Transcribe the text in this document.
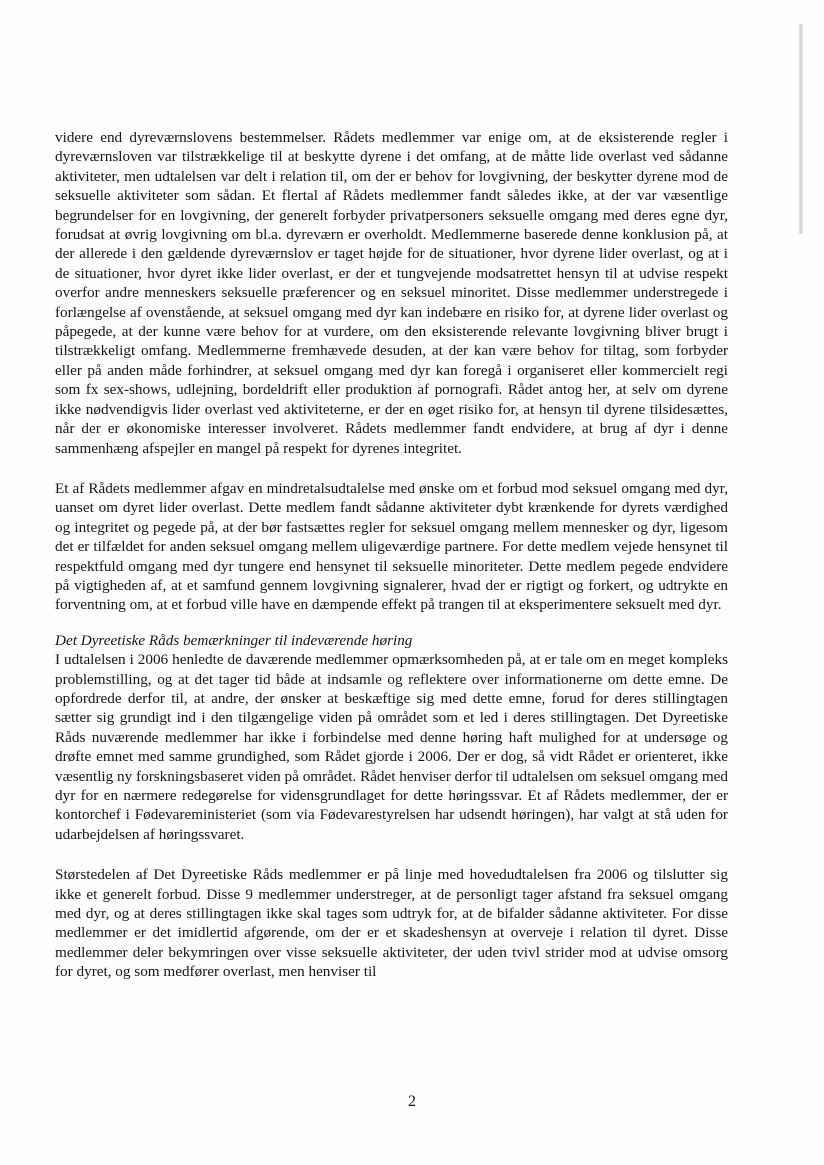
videre end dyreværnslovens bestemmelser. Rådets medlemmer var enige om, at de eksisterende regler i dyreværnsloven var tilstrækkelige til at beskytte dyrene i det omfang, at de måtte lide overlast ved sådanne aktiviteter, men udtalelsen var delt i relation til, om der er behov for lovgivning, der beskytter dyrene mod de seksuelle aktiviteter som sådan. Et flertal af Rådets medlemmer fandt således ikke, at der var væsentlige begrundelser for en lovgivning, der generelt forbyder privatpersoners seksuelle omgang med deres egne dyr, forudsat at øvrig lovgivning om bl.a. dyreværn er overholdt. Medlemmerne baserede denne konklusion på, at der allerede i den gældende dyreværnslov er taget højde for de situationer, hvor dyrene lider overlast, og at i de situationer, hvor dyret ikke lider overlast, er der et tungvejende modsatrettet hensyn til at udvise respekt overfor andre menneskers seksuelle præferencer og en seksuel minoritet. Disse medlemmer understregede i forlængelse af ovenstående, at seksuel omgang med dyr kan indebære en risiko for, at dyrene lider overlast og påpegede, at der kunne være behov for at vurdere, om den eksisterende relevante lovgivning bliver brugt i tilstrækkeligt omfang. Medlemmerne fremhævede desuden, at der kan være behov for tiltag, som forbyder eller på anden måde forhindrer, at seksuel omgang med dyr kan foregå i organiseret eller kommercielt regi som fx sex-shows, udlejning, bordeldrift eller produktion af pornografi. Rådet antog her, at selv om dyrene ikke nødvendigvis lider overlast ved aktiviteterne, er der en øget risiko for, at hensyn til dyrene tilsidesættes, når der er økonomiske interesser involveret. Rådets medlemmer fandt endvidere, at brug af dyr i denne sammenhæng afspejler en mangel på respekt for dyrenes integritet.

Et af Rådets medlemmer afgav en mindretalsudtalelse med ønske om et forbud mod seksuel omgang med dyr, uanset om dyret lider overlast. Dette medlem fandt sådanne aktiviteter dybt krænkende for dyrets værdighed og integritet og pegede på, at der bør fastsættes regler for seksuel omgang mellem mennesker og dyr, ligesom det er tilfældet for anden seksuel omgang mellem uligeværdige partnere. For dette medlem vejede hensynet til respektfuld omgang med dyr tungere end hensynet til seksuelle minoriteter. Dette medlem pegede endvidere på vigtigheden af, at et samfund gennem lovgivning signalerer, hvad der er rigtigt og forkert, og udtrykte en forventning om, at et forbud ville have en dæmpende effekt på trangen til at eksperimentere seksuelt med dyr.

Det Dyreetiske Råds bemærkninger til indeværende høring

I udtalelsen i 2006 henledte de daværende medlemmer opmærksomheden på, at er tale om en meget kompleks problemstilling, og at det tager tid både at indsamle og reflektere over informationerne om dette emne. De opfordrede derfor til, at andre, der ønsker at beskæftige sig med dette emne, forud for deres stillingtagen sætter sig grundigt ind i den tilgængelige viden på området som et led i deres stillingtagen. Det Dyreetiske Råds nuværende medlemmer har ikke i forbindelse med denne høring haft mulighed for at undersøge og drøfte emnet med samme grundighed, som Rådet gjorde i 2006. Der er dog, så vidt Rådet er orienteret, ikke væsentlig ny forskningsbaseret viden på området. Rådet henviser derfor til udtalelsen om seksuel omgang med dyr for en nærmere redegørelse for vidensgrundlaget for dette høringssvar. Et af Rådets medlemmer, der er kontorchef i Fødevareministeriet (som via Fødevarestyrelsen har udsendt høringen), har valgt at stå uden for udarbejdelsen af høringssvaret.

Størstedelen af Det Dyreetiske Råds medlemmer er på linje med hovedudtalelsen fra 2006 og tilslutter sig ikke et generelt forbud. Disse 9 medlemmer understreger, at de personligt tager afstand fra seksuel omgang med dyr, og at deres stillingtagen ikke skal tages som udtryk for, at de bifalder sådanne aktiviteter. For disse medlemmer er det imidlertid afgørende, om der er et skadeshensyn at overveje i relation til dyret. Disse medlemmer deler bekymringen over visse seksuelle aktiviteter, der uden tvivl strider mod at udvise omsorg for dyret, og som medfører overlast, men henviser til

2
